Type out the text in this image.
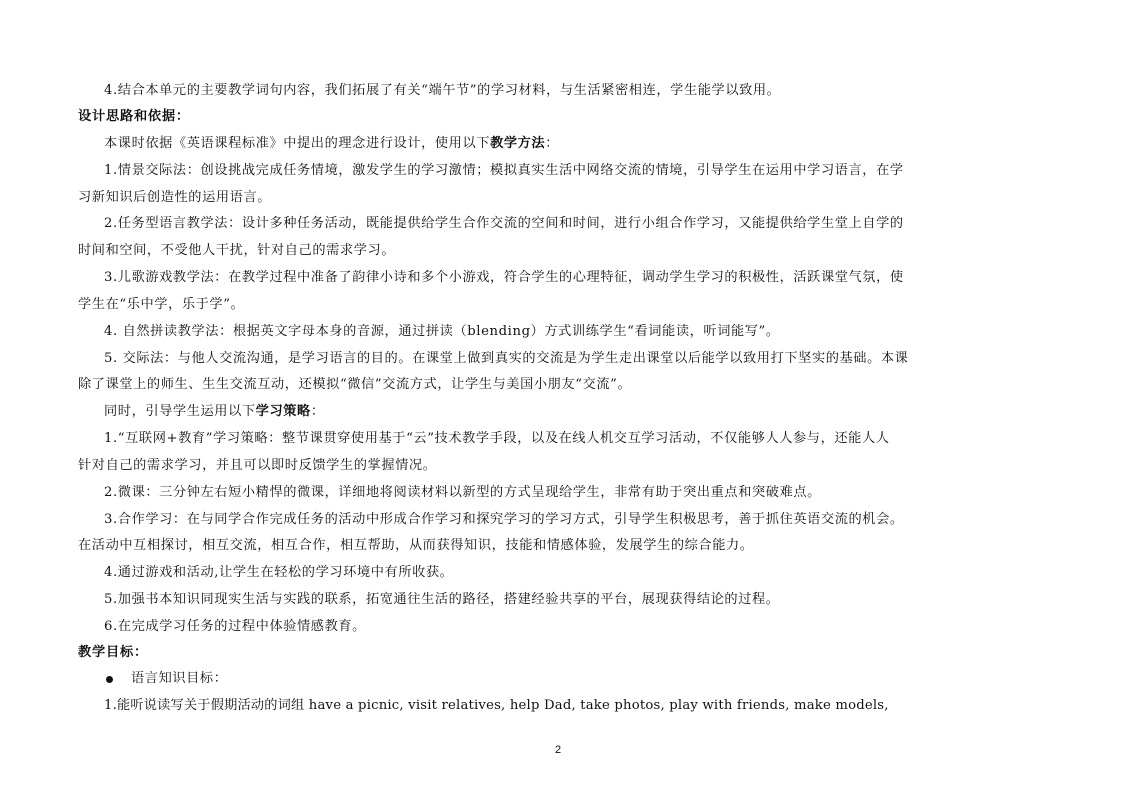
4.结合本单元的主要教学词句内容，我们拓展了有关“端午节”的学习材料，与生活紧密相连，学生能学以致用。
设计思路和依据：
本课时依据《英语课程标准》中提出的理念进行设计，使用以下教学方法：
1.情景交际法：创设挑战完成任务情境，激发学生的学习激情；模拟真实生活中网络交流的情境，引导学生在运用中学习语言，在学
习新知识后创造性的运用语言。
2.任务型语言教学法：设计多种任务活动，既能提供给学生合作交流的空间和时间，进行小组合作学习，又能提供给学生堂上自学的
时间和空间，不受他人干扰，针对自己的需求学习。
3.儿歌游戏教学法：在教学过程中准备了韵律小诗和多个小游戏，符合学生的心理特征，调动学生学习的积极性，活跃课堂气氛，使
学生在“乐中学，乐于学”。
4. 自然拼读教学法：根据英文字母本身的音源，通过拼读（blending）方式训练学生“看词能读，听词能写”。
5. 交际法：与他人交流沟通，是学习语言的目的。在课堂上做到真实的交流是为学生走出课堂以后能学以致用打下坚实的基础。本课
除了课堂上的师生、生生交流互动，还模拟“微信”交流方式，让学生与美国小朋友“交流”。
同时，引导学生运用以下学习策略：
1.“互联网+教育”学习策略：整节课贯穿使用基于“云”技术教学手段，以及在线人机交互学习活动，不仅能够人人参与，还能人人
针对自己的需求学习，并且可以即时反馈学生的掌握情况。
2.微课：三分钟左右短小精悍的微课，详细地将阅读材料以新型的方式呈现给学生，非常有助于突出重点和突破难点。
3.合作学习：在与同学合作完成任务的活动中形成合作学习和探究学习的学习方式，引导学生积极思考，善于抓住英语交流的机会。
在活动中互相探讨，相互交流，相互合作，相互帮助，从而获得知识，技能和情感体验，发展学生的综合能力。
4.通过游戏和活动,让学生在轻松的学习环境中有所收获。
5.加强书本知识同现实生活与实践的联系，拓宽通往生活的路径，搭建经验共享的平台，展现获得结论的过程。
6.在完成学习任务的过程中体验情感教育。
教学目标：
语言知识目标：
1.能听说读写关于假期活动的词组 have a picnic, visit relatives, help Dad, take photos, play with friends, make models,
2
